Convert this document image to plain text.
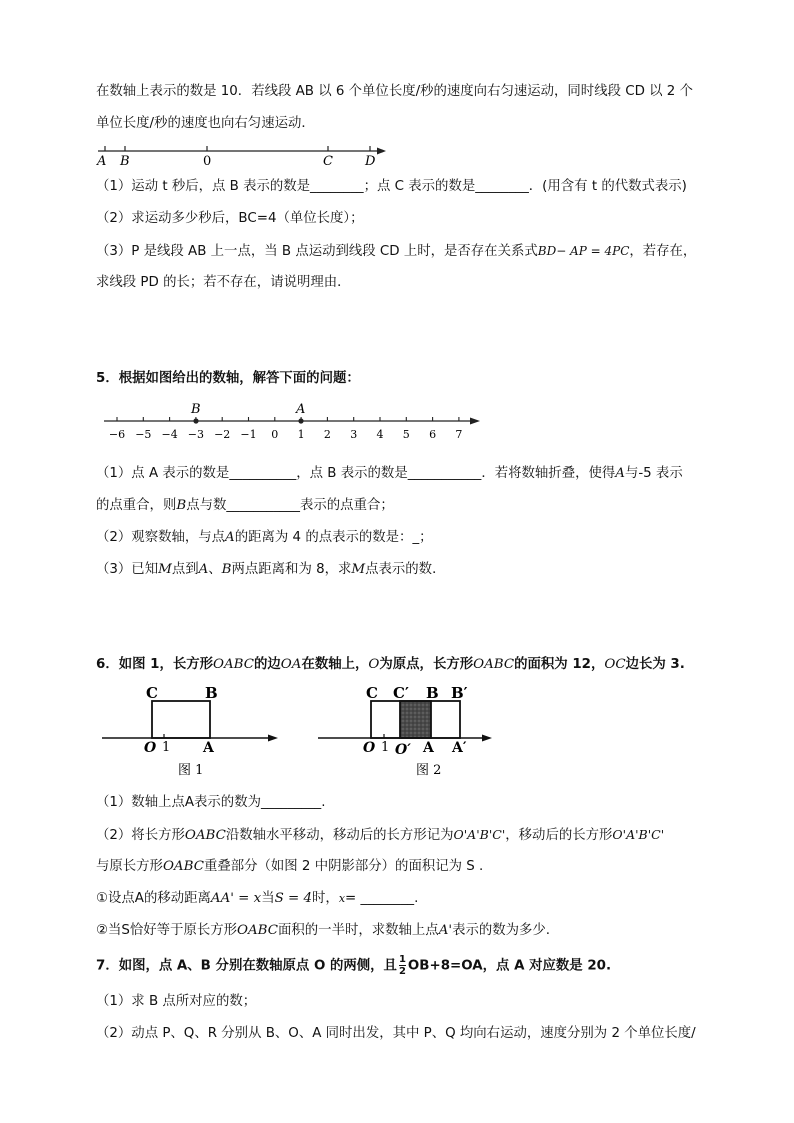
在数轴上表示的数是 10．若线段 AB 以 6 个单位长度/秒的速度向右匀速运动，同时线段 CD 以 2 个
单位长度/秒的速度也向右匀速运动．
A B	0	C D
（1）运动 t 秒后，点 B 表示的数是________；点 C 表示的数是________．(用含有 t 的代数式表示)
（2）求运动多少秒后，BC=4（单位长度）；
（3）P 是线段 AB 上一点，当 B 点运动到线段 CD 上时，是否存在关系式BD− AP = 4PC，若存在，
求线段 PD 的长；若不存在，请说明理由．
5．根据如图给出的数轴，解答下面的问题：
−6 −5 −4 −3 −2 −1 0 1 2 3 4 5 6 7
B	A
（1）点 A 表示的数是__________，点 B 表示的数是___________．若将数轴折叠，使得A与-5 表示
的点重合，则B点与数___________表示的点重合；
（2）观察数轴，与点A的距离为 4 的点表示的数是：_；
（3）已知M点到A、B两点距离和为 8，求M点表示的数．
6．如图 1，长方形OABC的边OA在数轴上，O为原点，长方形OABC的面积为 12，OC边长为 3.
C	B
O 1 A
图 1
C C′ B B′
O 1 O′ A A′
图 2
（1）数轴上点A表示的数为_________.
（2）将长方形OABC沿数轴水平移动，移动后的长方形记为O'A'B'C'，移动后的长方形O'A'B'C'
与原长方形OABC重叠部分（如图 2 中阴影部分）的面积记为 S .
①设点A的移动距离AA' = x当S = 4时，x= ________.
②当S恰好等于原长方形OABC面积的一半时，求数轴上点A'表示的数为多少.
7．如图，点 A、B 分别在数轴原点 O 的两侧，且 $\frac{1}{2} OB+8=OA$，点 A 对应数是 20.
（1）求 B 点所对应的数；
（2）动点 P、Q、R 分别从 B、O、A 同时出发，其中 P、Q 均向右运动，速度分别为 2 个单位长度/
